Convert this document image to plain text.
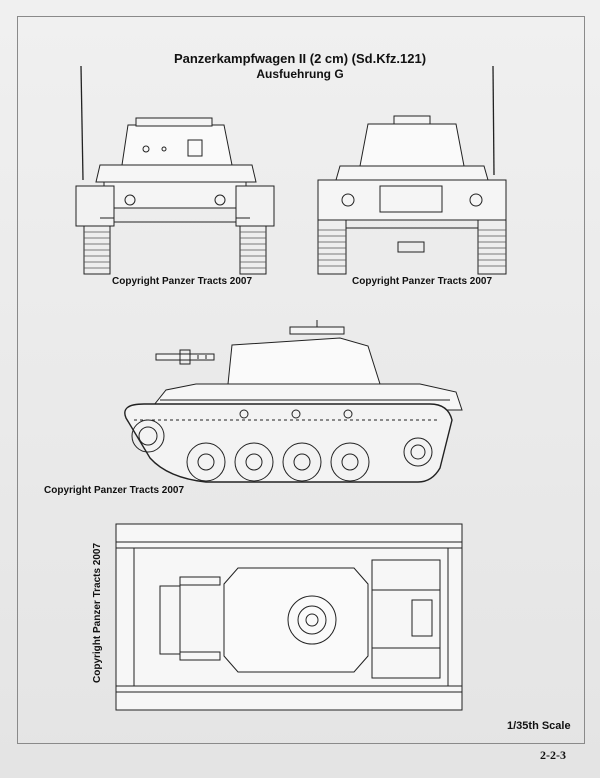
Panzerkampfwagen II (2 cm) (Sd.Kfz.121)
Ausfuehrung G
Copyright Panzer Tracts 2007	Copyright Panzer Tracts 2007
Copyright Panzer Tracts 2007
Copyright Panzer Tracts 2007
1/35th Scale
2-2-3
